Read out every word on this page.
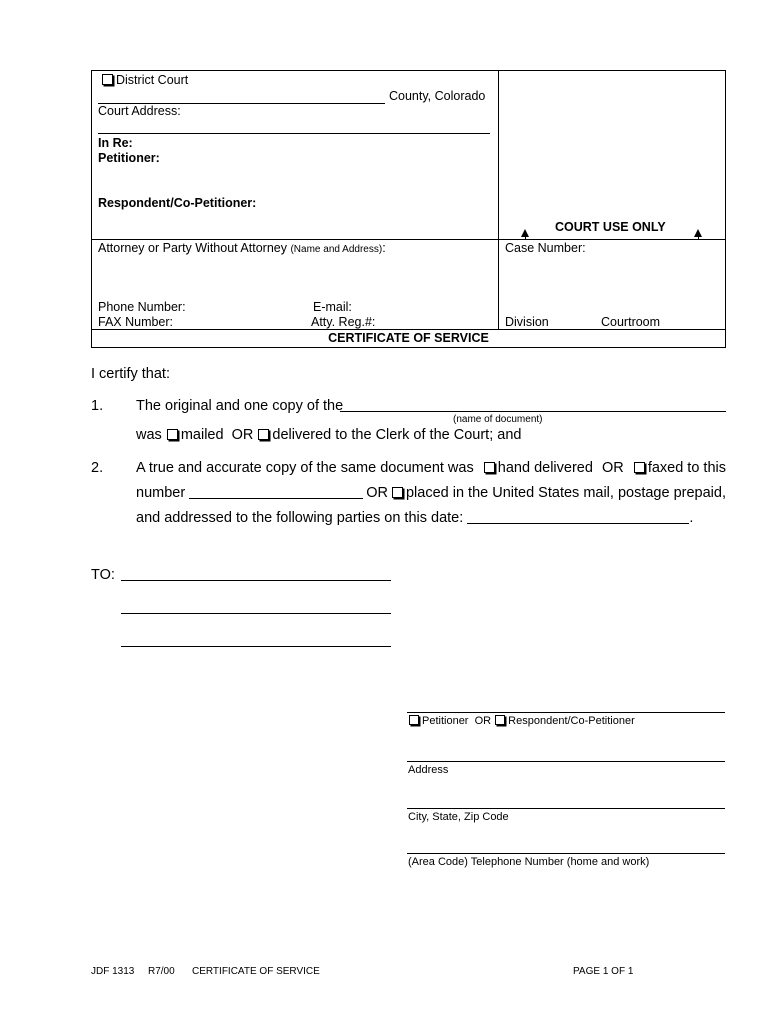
District Court
County, Colorado
Court Address:
In Re:
Petitioner:
Respondent/Co-Petitioner:
COURT USE ONLY
Attorney or Party Without Attorney (Name and Address):	Case Number:
Phone Number:	E-mail:
FAX Number:	Atty. Reg.#:	Division	Courtroom
CERTIFICATE OF SERVICE
I certify that:
1. The original and one copy of the
(name of document)
was mailed OR delivered to the Clerk of the Court; and
2. A true and accurate copy of the same document was	hand delivered OR	faxed to this
number	OR	placed in the United States mail, postage prepaid,
and addressed to the following parties on this date:	.
TO:
Petitioner OR Respondent/Co-Petitioner
Address
City, State, Zip Code
(Area Code) Telephone Number (home and work)
JDF 1313 R7/00 CERTIFICATE OF SERVICE	PAGE 1 OF 1
